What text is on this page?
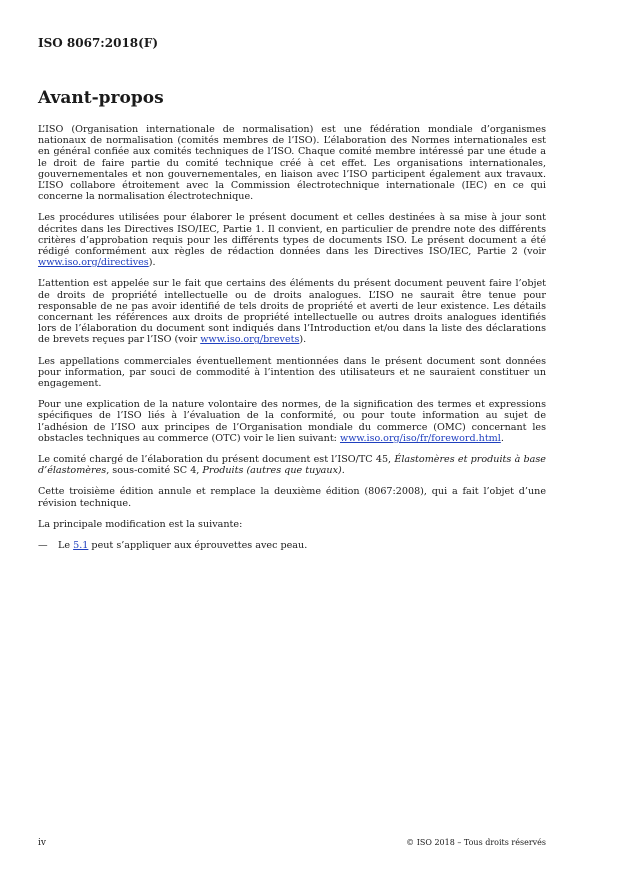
ISO 8067:2018(F)
Avant-propos

L’ISO (Organisation internationale de normalisation) est une fédération mondiale d’organismes nationaux de normalisation (comités membres de l’ISO). L’élaboration des Normes internationales est en général confiée aux comités techniques de l’ISO. Chaque comité membre intéressé par une étude a le droit de faire partie du comité technique créé à cet effet. Les organisations internationales, gouvernementales et non gouvernementales, en liaison avec l’ISO participent également aux travaux. L’ISO collabore étroitement avec la Commission électrotechnique internationale (IEC) en ce qui concerne la normalisation électrotechnique.

Les procédures utilisées pour élaborer le présent document et celles destinées à sa mise à jour sont décrites dans les Directives ISO/IEC, Partie 1. Il convient, en particulier de prendre note des différents critères d’approbation requis pour les différents types de documents ISO. Le présent document a été rédigé conformément aux règles de rédaction données dans les Directives ISO/IEC, Partie 2 (voir www.iso.org/directives).

L’attention est appelée sur le fait que certains des éléments du présent document peuvent faire l’objet de droits de propriété intellectuelle ou de droits analogues. L’ISO ne saurait être tenue pour responsable de ne pas avoir identifié de tels droits de propriété et averti de leur existence. Les détails concernant les références aux droits de propriété intellectuelle ou autres droits analogues identifiés lors de l’élaboration du document sont indiqués dans l’Introduction et/ou dans la liste des déclarations de brevets reçues par l’ISO (voir www.iso.org/brevets).

Les appellations commerciales éventuellement mentionnées dans le présent document sont données pour information, par souci de commodité à l’intention des utilisateurs et ne sauraient constituer un engagement.

Pour une explication de la nature volontaire des normes, de la signification des termes et expressions spécifiques de l’ISO liés à l’évaluation de la conformité, ou pour toute information au sujet de l’adhésion de l’ISO aux principes de l’Organisation mondiale du commerce (OMC) concernant les obstacles techniques au commerce (OTC) voir le lien suivant: www.iso.org/iso/fr/foreword.html.

Le comité chargé de l’élaboration du présent document est l’ISO/TC 45, Élastomères et produits à base d’élastomères, sous-comité SC 4, Produits (autres que tuyaux).

Cette troisième édition annule et remplace la deuxième édition (8067:2008), qui a fait l’objet d’une révision technique.

La principale modification est la suivante:

—	Le 5.1 peut s’appliquer aux éprouvettes avec peau.
iv	© ISO 2018 – Tous droits réservés
